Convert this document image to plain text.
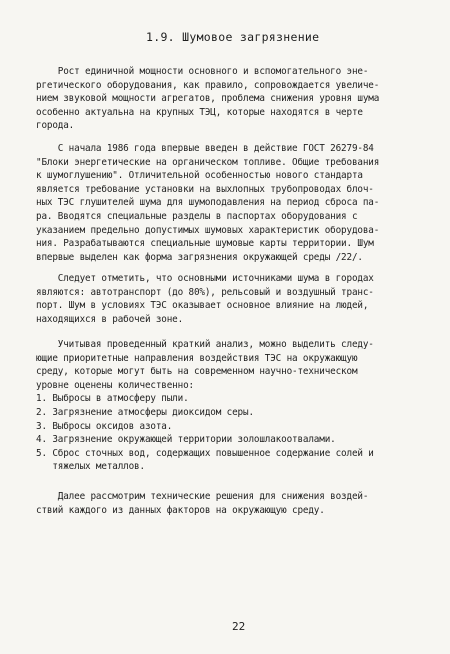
1.9. Шумовое загрязнение
Рост единичной мощности основного и вспомогательного эне-
ргетического оборудования, как правило, сопровождается увеличе-
нием звуковой мощности агрегатов, проблема снижения уровня шума
особенно актуальна на крупных ТЭЦ, которые находятся в черте
города.
С начала 1986 года впервые введен в действие ГОСТ 26279-84
"Блоки энергетические на органическом топливе. Общие требования
к шумоглушению". Отличительной особенностью нового стандарта
является требование установки на выхлопных трубопроводах блоч-
ных ТЭС глушителей шума для шумоподавления на период сброса па-
ра. Вводятся специальные разделы в паспортах оборудования с
указанием предельно допустимых шумовых характеристик оборудова-
ния. Разрабатываются специальные шумовые карты территории. Шум
впервые выделен как форма загрязнения окружающей среды /22/.
Следует отметить, что основными источниками шума в городах
являются: автотранспорт (до 80%), рельсовый и воздушный транс-
порт. Шум в условиях ТЭС оказывает основное влияние на людей,
находящихся в рабочей зоне.
Учитывая проведенный краткий анализ, можно выделить следу-
ющие приоритетные направления воздействия ТЭС на окружающую
среду, которые могут быть на современном научно-техническом
уровне оценены количественно:
1. Выбросы в атмосферу пыли.
2. Загрязнение атмосферы диоксидом серы.
3. Выбросы оксидов азота.
4. Загрязнение окружающей территории золошлакоотвалами.
5. Сброс сточных вод, содержащих повышенное содержание солей и
тяжелых металлов.
Далее рассмотрим технические решения для снижения воздей-
ствий каждого из данных факторов на окружающую среду.
22
